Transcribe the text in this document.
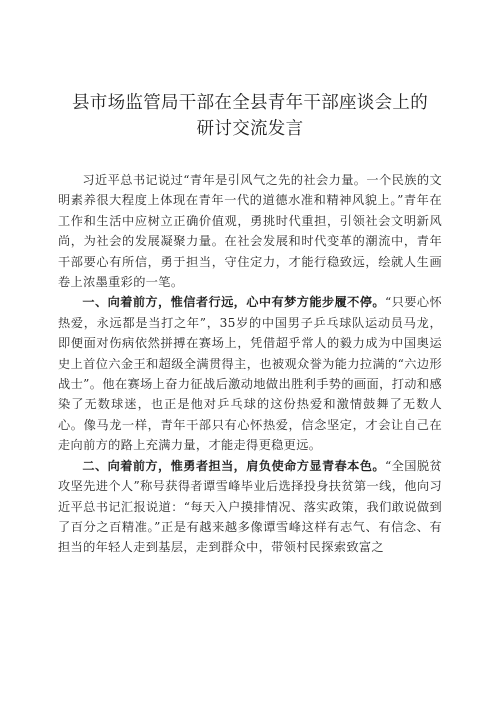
县市场监管局干部在全县青年干部座谈会上的
研讨交流发言

习近平总书记说过“青年是引风气之先的社会力量。一个民族的文明素养很大程度上体现在青年一代的道德水准和精神风貌上。”青年在工作和生活中应树立正确价值观，勇挑时代重担，引领社会文明新风尚，为社会的发展凝聚力量。在社会发展和时代变革的潮流中，青年干部要心有所信，勇于担当，守住定力，才能行稳致远，绘就人生画卷上浓墨重彩的一笔。

一、向着前方，惟信者行远，心中有梦方能步履不停。“只要心怀热爱，永远都是当打之年”，35岁的中国男子乒乓球队运动员马龙，即便面对伤病依然拼搏在赛场上，凭借超乎常人的毅力成为中国奥运史上首位六金王和超级全满贯得主，也被观众誉为能力拉满的“六边形战士”。他在赛场上奋力征战后激动地做出胜利手势的画面，打动和感染了无数球迷，也正是他对乒乓球的这份热爱和激情鼓舞了无数人心。像马龙一样，青年干部只有心怀热爱，信念坚定，才会让自己在走向前方的路上充满力量，才能走得更稳更远。

二、向着前方，惟勇者担当，肩负使命方显青春本色。“全国脱贫攻坚先进个人”称号获得者谭雪峰毕业后选择投身扶贫第一线，他向习近平总书记汇报说道：“每天入户摸排情况、落实政策，我们敢说做到了百分之百精准。”正是有越来越多像谭雪峰这样有志气、有信念、有担当的年轻人走到基层，走到群众中，带领村民探索致富之
